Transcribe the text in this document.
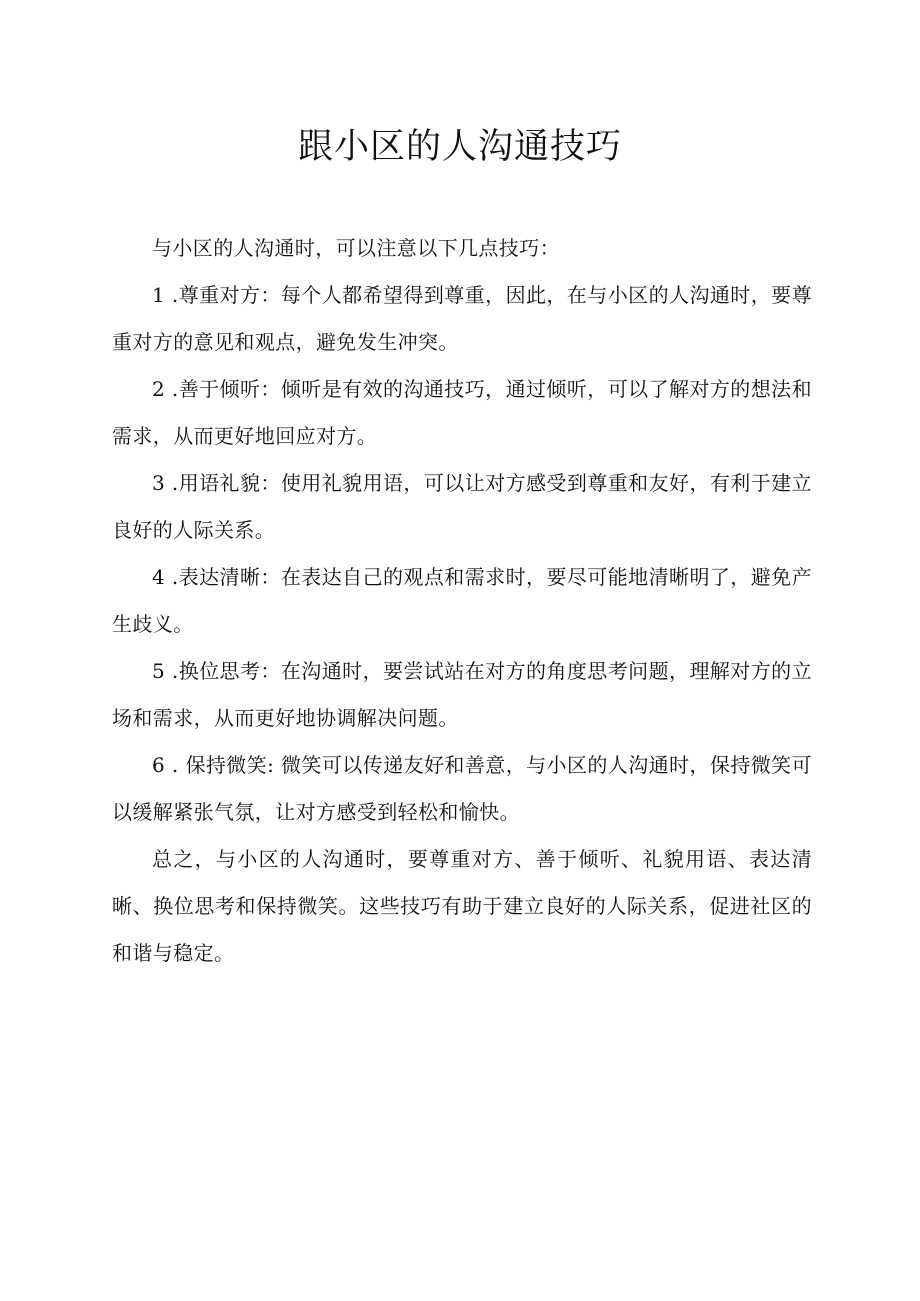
跟小区的人沟通技巧

与小区的人沟通时，可以注意以下几点技巧：

1 .尊重对方：每个人都希望得到尊重，因此，在与小区的人沟通时，要尊重对方的意见和观点，避免发生冲突。

2 .善于倾听：倾听是有效的沟通技巧，通过倾听，可以了解对方的想法和需求，从而更好地回应对方。

3 .用语礼貌：使用礼貌用语，可以让对方感受到尊重和友好，有利于建立良好的人际关系。

4 .表达清晰：在表达自己的观点和需求时，要尽可能地清晰明了，避免产生歧义。

5 .换位思考：在沟通时，要尝试站在对方的角度思考问题，理解对方的立场和需求，从而更好地协调解决问题。

6 . 保持微笑: 微笑可以传递友好和善意，与小区的人沟通时，保持微笑可以缓解紧张气氛，让对方感受到轻松和愉快。

总之，与小区的人沟通时，要尊重对方、善于倾听、礼貌用语、表达清晰、换位思考和保持微笑。这些技巧有助于建立良好的人际关系，促进社区的和谐与稳定。
